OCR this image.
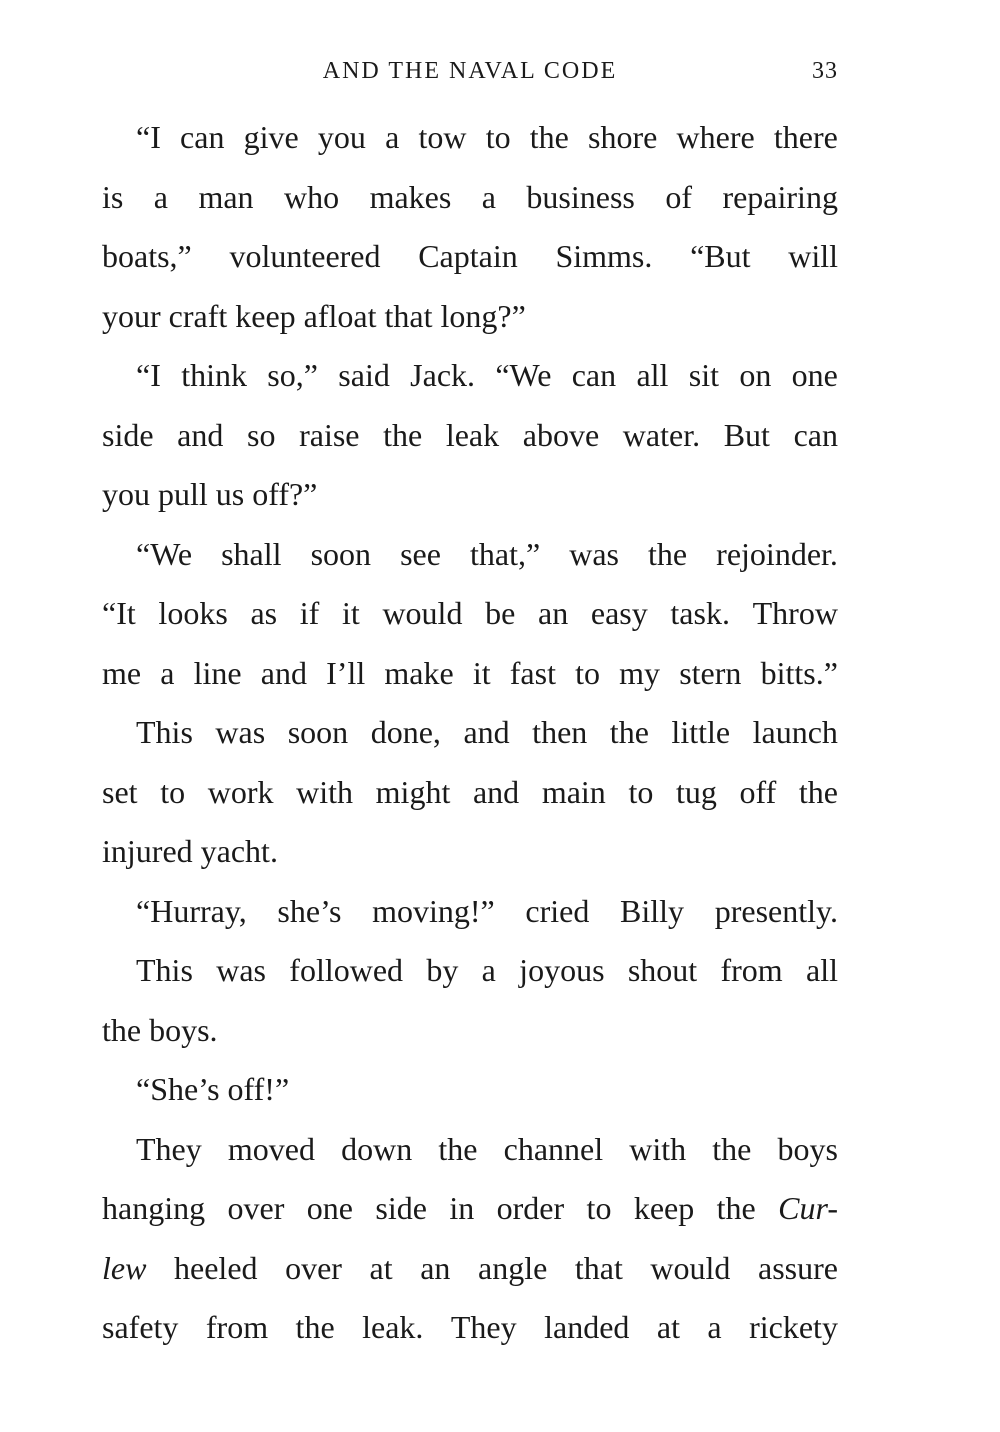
AND THE NAVAL CODE	33
“I can give you a tow to the shore where there
is a man who makes a business of repairing
boats,” volunteered Captain Simms. “But will
your craft keep afloat that long?”
“I think so,” said Jack. “We can all sit on one
side and so raise the leak above water. But can
you pull us off?”
“We shall soon see that,” was the rejoinder.
“It looks as if it would be an easy task. Throw
me a line and I’ll make it fast to my stern bitts.”
This was soon done, and then the little launch
set to work with might and main to tug off the
injured yacht.
“Hurray, she’s moving!” cried Billy presently.
This was followed by a joyous shout from all
the boys.
“She’s off!”
They moved down the channel with the boys
hanging over one side in order to keep the Cur-
lew heeled over at an angle that would assure
safety from the leak. They landed at a rickety
